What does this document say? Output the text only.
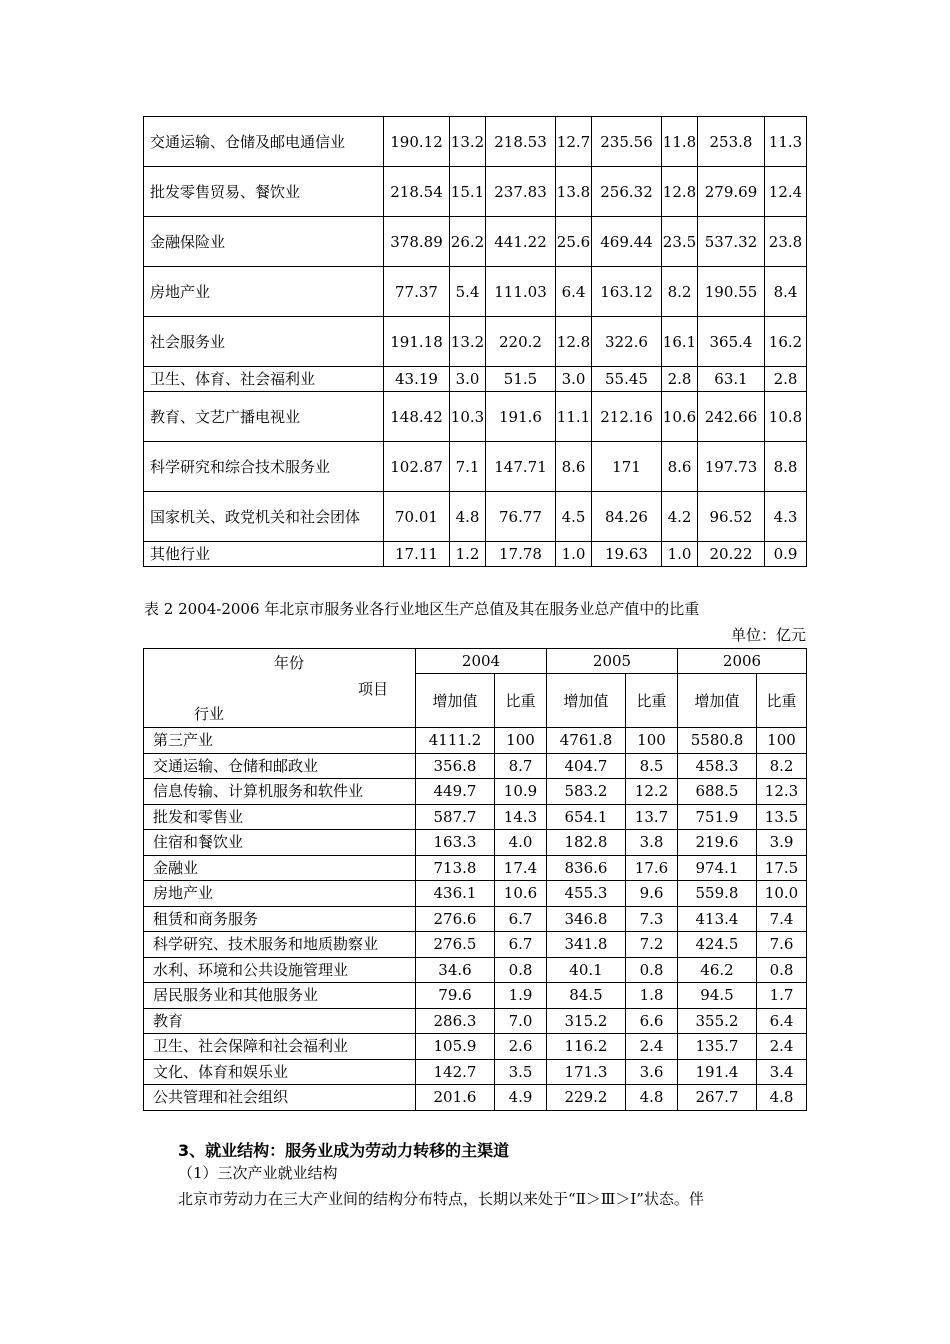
交通运输、仓储及邮电通信业	190.12	13.2	218.53	12.7	235.56	11.8	253.8	11.3
批发零售贸易、餐饮业	218.54	15.1	237.83	13.8	256.32	12.8	279.69	12.4
金融保险业	378.89	26.2	441.22	25.6	469.44	23.5	537.32	23.8
房地产业	77.37	5.4	111.03	6.4	163.12	8.2	190.55	8.4
社会服务业	191.18	13.2	220.2	12.8	322.6	16.1	365.4	16.2
卫生、体育、社会福利业	43.19	3.0	51.5	3.0	55.45	2.8	63.1	2.8
教育、文艺广播电视业	148.42	10.3	191.6	11.1	212.16	10.6	242.66	10.8
科学研究和综合技术服务业	102.87	7.1	147.71	8.6	171	8.6	197.73	8.8
国家机关、政党机关和社会团体	70.01	4.8	76.77	4.5	84.26	4.2	96.52	4.3
其他行业	17.11	1.2	17.78	1.0	19.63	1.0	20.22	0.9
表 2 2004-2006 年北京市服务业各行业地区生产总值及其在服务业总产值中的比重
单位：亿元
年份
项目
行业	2004		2005		2006	
	增加值	比重	增加值	比重	增加值	比重
第三产业	4111.2	100	4761.8	100	5580.8	100
交通运输、仓储和邮政业	356.8	8.7	404.7	8.5	458.3	8.2
信息传输、计算机服务和软件业	449.7	10.9	583.2	12.2	688.5	12.3
批发和零售业	587.7	14.3	654.1	13.7	751.9	13.5
住宿和餐饮业	163.3	4.0	182.8	3.8	219.6	3.9
金融业	713.8	17.4	836.6	17.6	974.1	17.5
房地产业	436.1	10.6	455.3	9.6	559.8	10.0
租赁和商务服务	276.6	6.7	346.8	7.3	413.4	7.4
科学研究、技术服务和地质勘察业	276.5	6.7	341.8	7.2	424.5	7.6
水利、环境和公共设施管理业	34.6	0.8	40.1	0.8	46.2	0.8
居民服务业和其他服务业	79.6	1.9	84.5	1.8	94.5	1.7
教育	286.3	7.0	315.2	6.6	355.2	6.4
卫生、社会保障和社会福利业	105.9	2.6	116.2	2.4	135.7	2.4
文化、体育和娱乐业	142.7	3.5	171.3	3.6	191.4	3.4
公共管理和社会组织	201.6	4.9	229.2	4.8	267.7	4.8
3、就业结构：服务业成为劳动力转移的主渠道
（1）三次产业就业结构
北京市劳动力在三大产业间的结构分布特点，长期以来处于“Ⅱ＞Ⅲ＞Ⅰ”状态。伴
